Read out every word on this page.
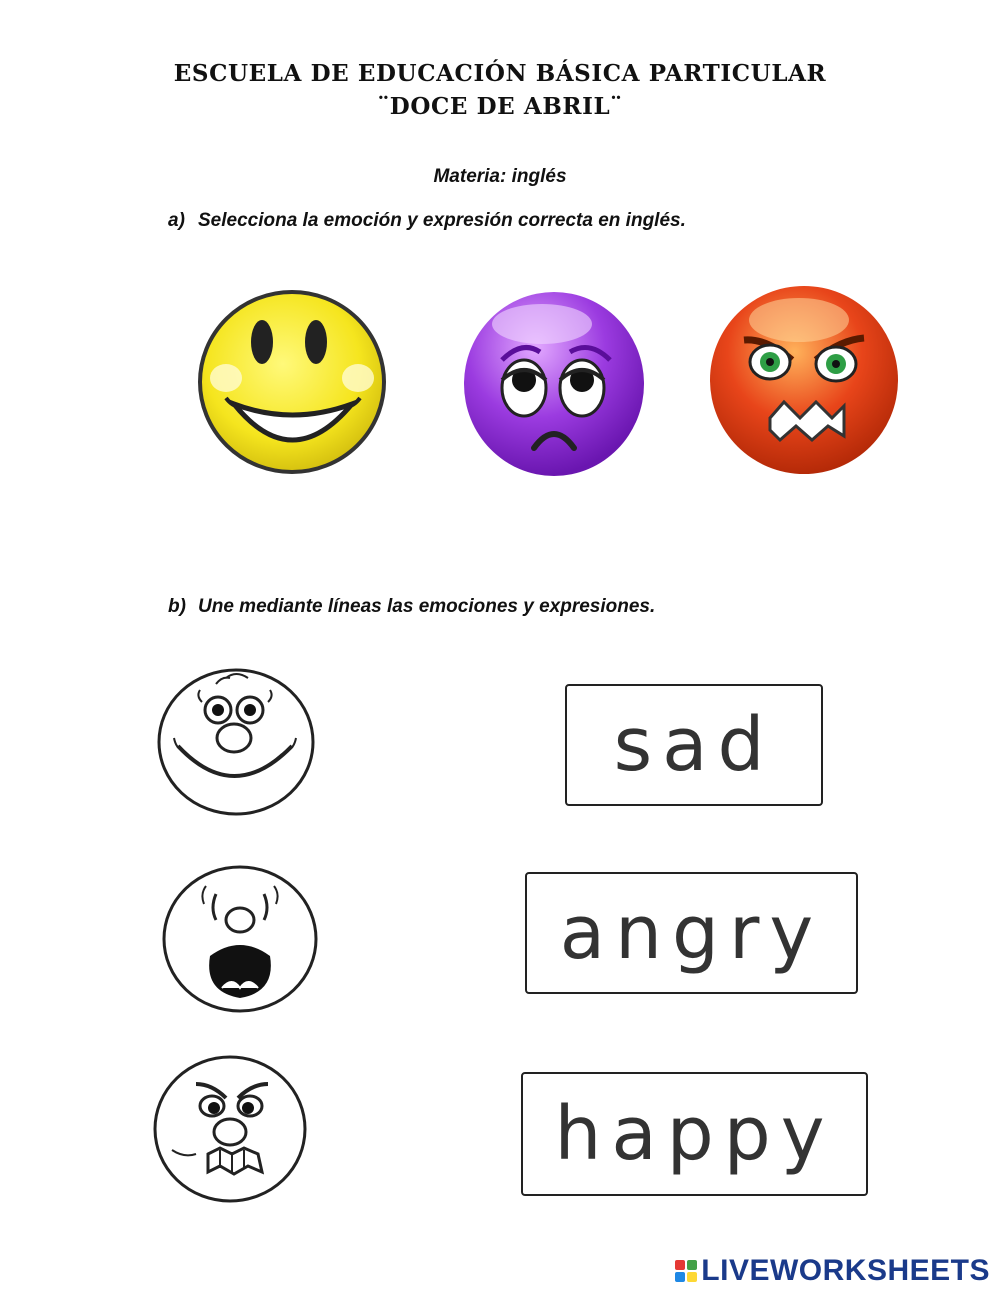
ESCUELA DE EDUCACIÓN BÁSICA PARTICULAR
¨DOCE DE ABRIL¨
Materia: inglés
a) Selecciona la emoción y expresión correcta en inglés.
b) Une mediante líneas las emociones y expresiones.
sad
angry
happy
LIVEWORKSHEETS
